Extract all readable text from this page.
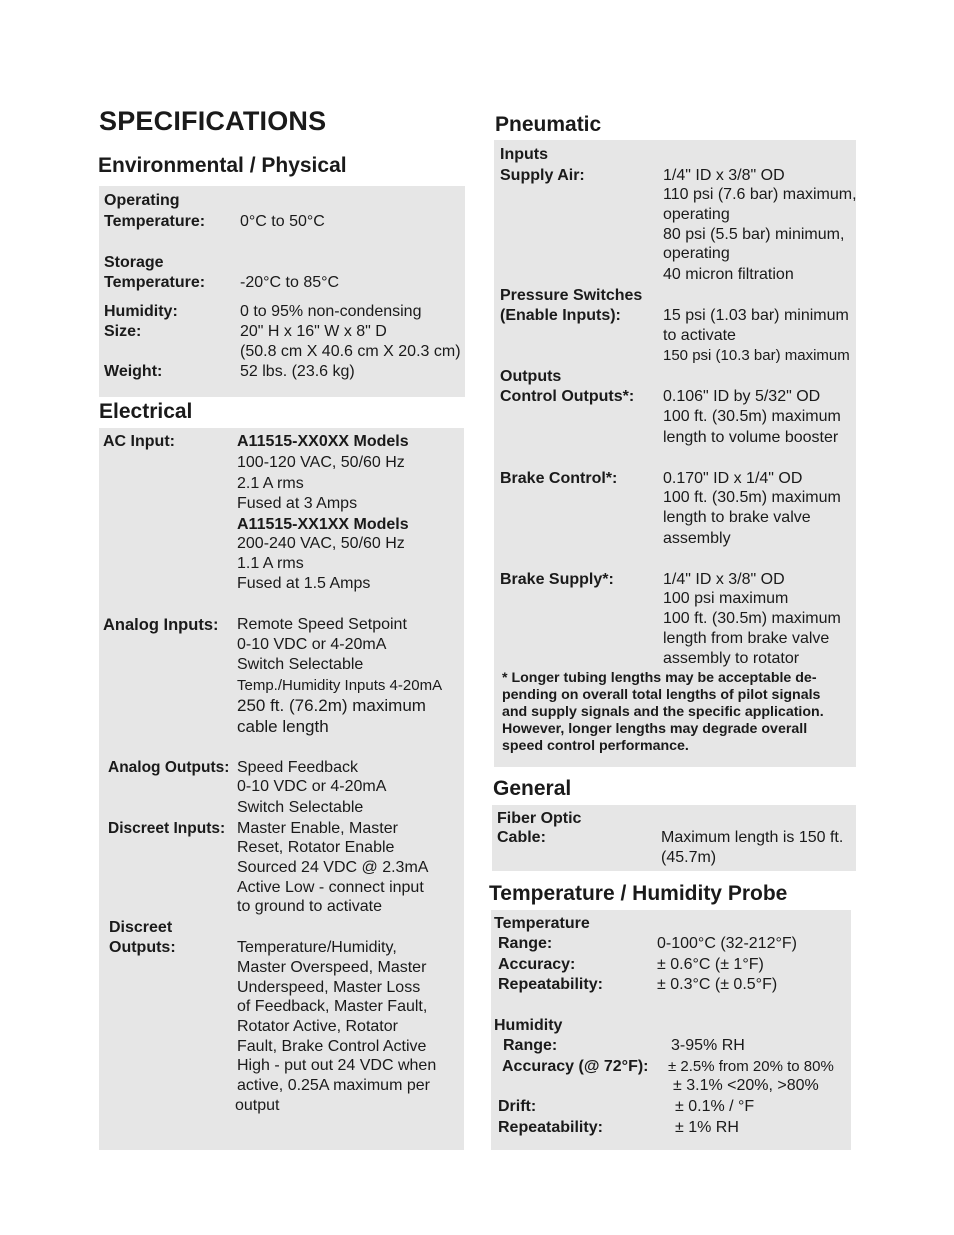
SPECIFICATIONS
Environmental / Physical
Operating
Temperature: 0°C to 50°C
Storage
Temperature: -20°C to 85°C
Humidity:	0 to 95% non-condensing
Size:	20" H x 16" W x 8" D
(50.8 cm X 40.6 cm X 20.3 cm)
Weight:	52 lbs. (23.6 kg)
Electrical
AC Input:	A11515-XX0XX Models
100-120 VAC, 50/60 Hz
2.1 A rms
Fused at 3 Amps
A11515-XX1XX Models
200-240 VAC, 50/60 Hz
1.1 A rms
Fused at 1.5 Amps
Analog Inputs: Remote Speed Setpoint
0-10 VDC or 4-20mA
Switch Selectable
Temp./Humidity Inputs 4-20mA
250 ft. (76.2m) maximum
cable length
Analog Outputs: Speed Feedback
0-10 VDC or 4-20mA
Switch Selectable
Discreet Inputs: Master Enable, Master
Reset, Rotator Enable
Sourced 24 VDC @ 2.3mA
Active Low - connect input
to ground to activate
Discreet
Outputs:	Temperature/Humidity,
Master Overspeed, Master
Underspeed, Master Loss
of Feedback, Master Fault,
Rotator Active, Rotator
Fault, Brake Control Active
High - put out 24 VDC when
active, 0.25A maximum per
output
Pneumatic
Inputs
Supply Air:	1/4" ID x 3/8" OD
110 psi (7.6 bar) maximum,
operating
80 psi (5.5 bar) minimum,
operating
40 micron filtration
Pressure Switches
(Enable Inputs):	15 psi (1.03 bar) minimum
to activate
150 psi (10.3 bar) maximum
Outputs
Control Outputs*: 0.106" ID by 5/32" OD
100 ft. (30.5m) maximum
length to volume booster
Brake Control*:	0.170" ID x 1/4" OD
100 ft. (30.5m) maximum
length to brake valve
assembly
Brake Supply*:	1/4" ID x 3/8" OD
100 psi maximum
100 ft. (30.5m) maximum
length from brake valve
assembly to rotator
* Longer tubing lengths may be acceptable de-
pending on overall total lengths of pilot signals
and supply signals and the specific application.
However, longer lengths may degrade overall
speed control performance.
General
Fiber Optic
Cable:	Maximum length is 150 ft.
(45.7m)
Temperature / Humidity Probe
Temperature
Range:	0-100°C (32-212°F)
Accuracy:	± 0.6°C (± 1°F)
Repeatability:	± 0.3°C (± 0.5°F)
Humidity
Range:	3-95% RH
Accuracy (@ 72°F): ± 2.5% from 20% to 80%
± 3.1% <20%, >80%
Drift:	± 0.1% / °F
Repeatability:	± 1% RH
